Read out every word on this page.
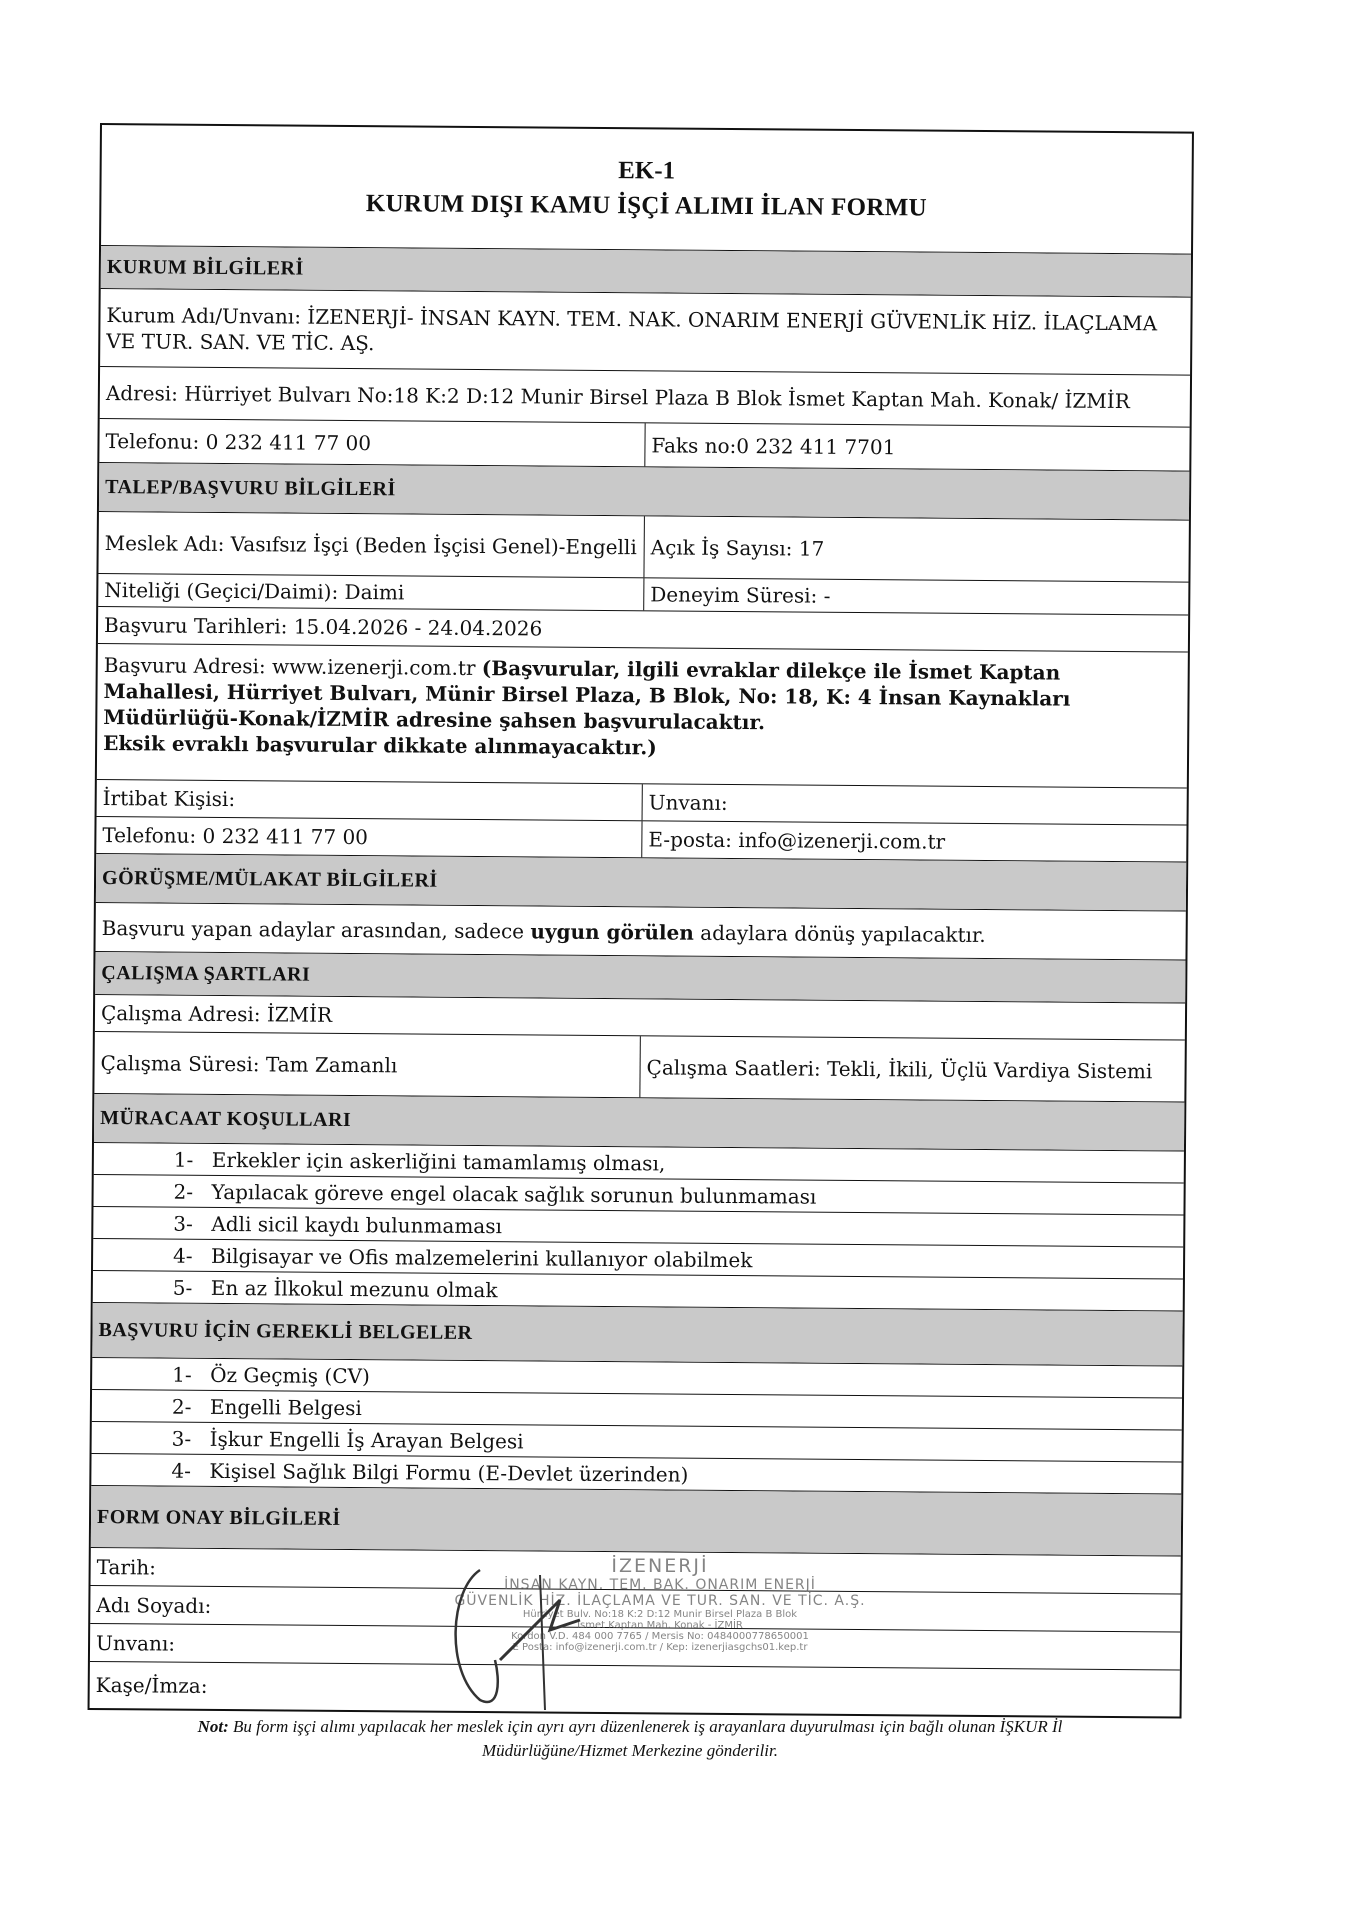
EK-1
KURUM DIŞI KAMU İŞÇİ ALIMI İLAN FORMU
KURUM BİLGİLERİ
Kurum Adı/Unvanı: İZENERJİ- İNSAN KAYN. TEM. NAK. ONARIM ENERJİ GÜVENLİK HİZ. İLAÇLAMA VE TUR. SAN. VE TİC. AŞ.
Adresi: Hürriyet Bulvarı No:18 K:2 D:12 Munir Birsel Plaza B Blok İsmet Kaptan Mah. Konak/ İZMİR
Telefonu: 0 232 411 77 00	Faks no:0 232 411 7701
TALEP/BAŞVURU BİLGİLERİ
Meslek Adı: Vasıfsız İşçi (Beden İşçisi Genel)-Engelli Açık İş Sayısı: 17
Niteliği (Geçici/Daimi): Daimi	Deneyim Süresi: -
Başvuru Tarihleri: 15.04.2026 - 24.04.2026
Başvuru Adresi: www.izenerji.com.tr (Başvurular, ilgili evraklar dilekçe ile İsmet Kaptan Mahallesi, Hürriyet Bulvarı, Münir Birsel Plaza, B Blok, No: 18, K: 4 İnsan Kaynakları Müdürlüğü-Konak/İZMİR adresine şahsen başvurulacaktır.
Eksik evraklı başvurular dikkate alınmayacaktır.)
İrtibat Kişisi:	Unvanı:
Telefonu: 0 232 411 77 00	E-posta: info@izenerji.com.tr
GÖRÜŞME/MÜLAKAT BİLGİLERİ
Başvuru yapan adaylar arasından, sadece uygun görülen adaylara dönüş yapılacaktır.
ÇALIŞMA ŞARTLARI
Çalışma Adresi: İZMİR
Çalışma Süresi: Tam Zamanlı	Çalışma Saatleri: Tekli, İkili, Üçlü Vardiya Sistemi
MÜRACAAT KOŞULLARI
1- Erkekler için askerliğini tamamlamış olması,
2- Yapılacak göreve engel olacak sağlık sorunun bulunmaması
3- Adli sicil kaydı bulunmaması
4- Bilgisayar ve Ofis malzemelerini kullanıyor olabilmek
5- En az İlkokul mezunu olmak
BAŞVURU İÇİN GEREKLİ BELGELER
1- Öz Geçmiş (CV)
2- Engelli Belgesi
3- İşkur Engelli İş Arayan Belgesi
4- Kişisel Sağlık Bilgi Formu (E-Devlet üzerinden)
FORM ONAY BİLGİLERİ
Tarih:
Adı Soyadı:
Unvanı:
Kaşe/İmza:
İZENERJİ
İNSAN KAYN. TEM. BAK. ONARIM ENERJİ
GÜVENLİK HİZ. İLAÇLAMA VE TUR. SAN. VE TİC. A.Ş.
Hürriyet Bulv. No:18 K:2 D:12 Munir Birsel Plaza B Blok
İsmet Kaptan Mah. Konak - İZMİR
Kordon V.D. 484 000 7765 / Mersis No: 0484000778650001
E Posta: info@izenerji.com.tr / Kep: izenerjiasgchs01.kep.tr
Not: Bu form işçi alımı yapılacak her meslek için ayrı ayrı düzenlenerek iş arayanlara duyurulması için bağlı olunan İŞKUR İl Müdürlüğüne/Hizmet Merkezine gönderilir.
